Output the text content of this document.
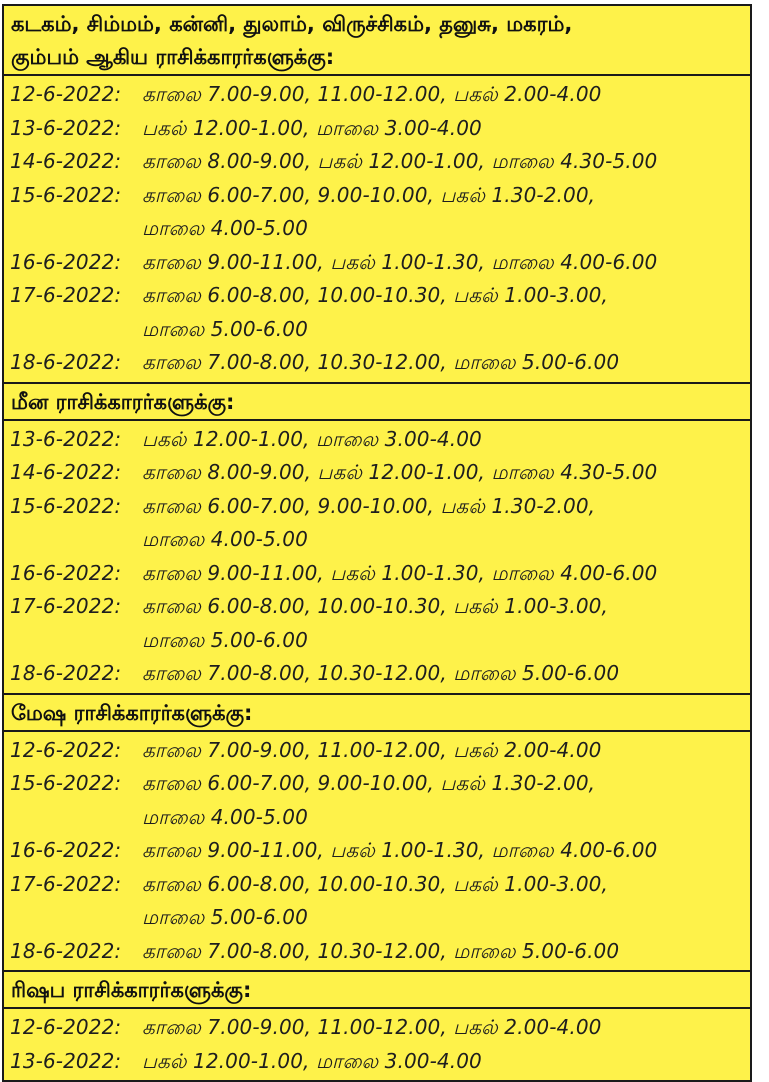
கடகம், சிம்மம், கன்னி, துலாம், விருச்சிகம், தனுசு, மகரம்,
கும்பம் ஆகிய ராசிக்காரர்களுக்கு:
12-6-2022:	காலை 7.00-9.00, 11.00-12.00, பகல் 2.00-4.00
13-6-2022:	பகல் 12.00-1.00, மாலை 3.00-4.00
14-6-2022:	காலை 8.00-9.00, பகல் 12.00-1.00, மாலை 4.30-5.00
15-6-2022:	காலை 6.00-7.00, 9.00-10.00, பகல் 1.30-2.00,
மாலை 4.00-5.00
16-6-2022:	காலை 9.00-11.00, பகல் 1.00-1.30, மாலை 4.00-6.00
17-6-2022:	காலை 6.00-8.00, 10.00-10.30, பகல் 1.00-3.00,
மாலை 5.00-6.00
18-6-2022:	காலை 7.00-8.00, 10.30-12.00, மாலை 5.00-6.00
மீன ராசிக்காரர்களுக்கு:
13-6-2022:	பகல் 12.00-1.00, மாலை 3.00-4.00
14-6-2022:	காலை 8.00-9.00, பகல் 12.00-1.00, மாலை 4.30-5.00
15-6-2022:	காலை 6.00-7.00, 9.00-10.00, பகல் 1.30-2.00,
மாலை 4.00-5.00
16-6-2022:	காலை 9.00-11.00, பகல் 1.00-1.30, மாலை 4.00-6.00
17-6-2022:	காலை 6.00-8.00, 10.00-10.30, பகல் 1.00-3.00,
மாலை 5.00-6.00
18-6-2022:	காலை 7.00-8.00, 10.30-12.00, மாலை 5.00-6.00
மேஷ ராசிக்காரர்களுக்கு:
12-6-2022:	காலை 7.00-9.00, 11.00-12.00, பகல் 2.00-4.00
15-6-2022:	காலை 6.00-7.00, 9.00-10.00, பகல் 1.30-2.00,
மாலை 4.00-5.00
16-6-2022:	காலை 9.00-11.00, பகல் 1.00-1.30, மாலை 4.00-6.00
17-6-2022:	காலை 6.00-8.00, 10.00-10.30, பகல் 1.00-3.00,
மாலை 5.00-6.00
18-6-2022:	காலை 7.00-8.00, 10.30-12.00, மாலை 5.00-6.00
ரிஷப ராசிக்காரர்களுக்கு:
12-6-2022:	காலை 7.00-9.00, 11.00-12.00, பகல் 2.00-4.00
13-6-2022:	பகல் 12.00-1.00, மாலை 3.00-4.00
